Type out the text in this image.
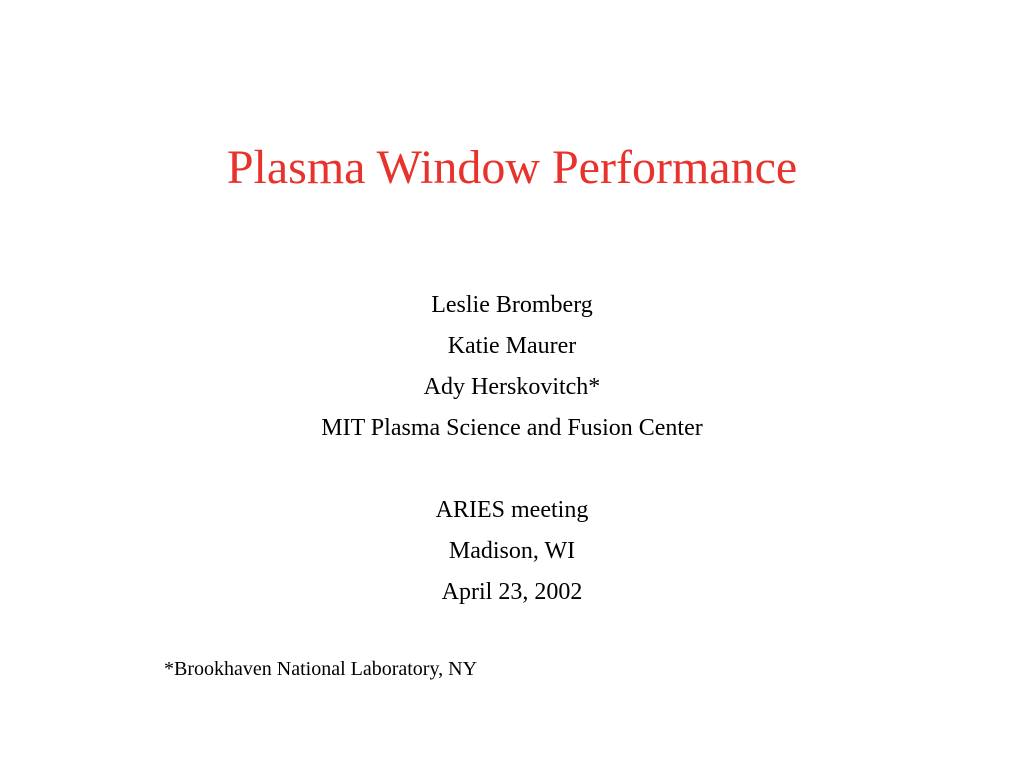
Plasma Window Performance
Leslie Bromberg
Katie Maurer
Ady Herskovitch*
MIT Plasma Science and Fusion Center
ARIES meeting
Madison, WI
April 23, 2002
*Brookhaven National Laboratory, NY
